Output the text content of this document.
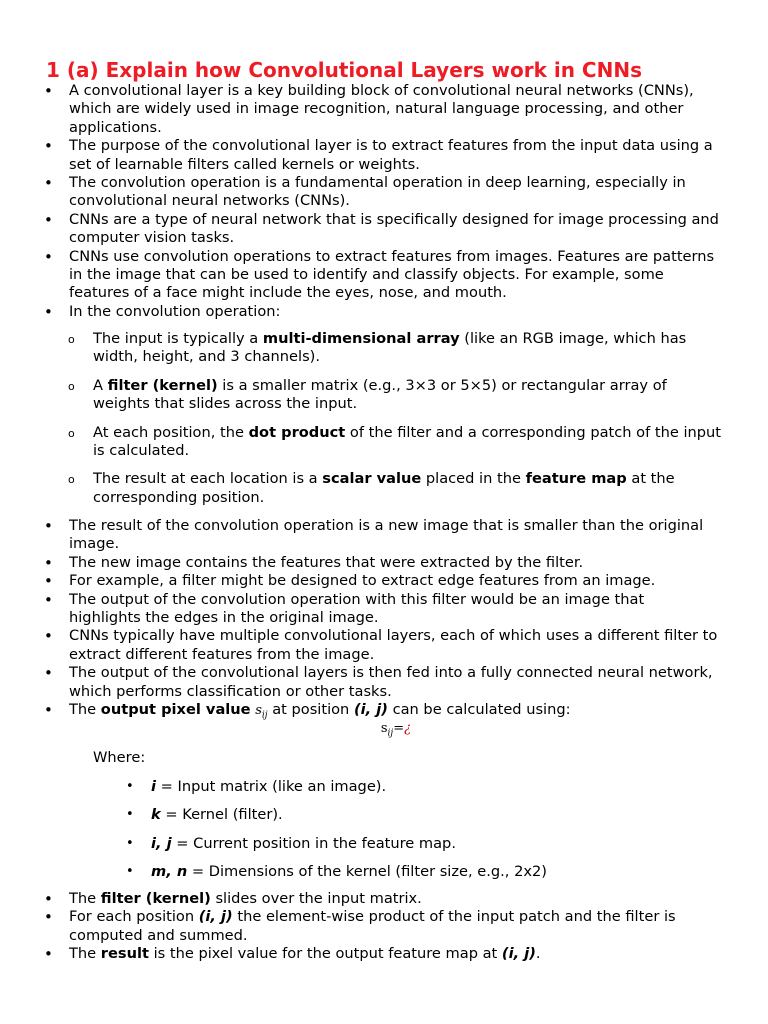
1 (a) Explain how Convolutional Layers work in CNNs
• A convolutional layer is a key building block of convolutional neural networks (CNNs), which are widely used in image recognition, natural language processing, and other applications.
• The purpose of the convolutional layer is to extract features from the input data using a set of learnable filters called kernels or weights.
• The convolution operation is a fundamental operation in deep learning, especially in convolutional neural networks (CNNs).
• CNNs are a type of neural network that is specifically designed for image processing and computer vision tasks.
• CNNs use convolution operations to extract features from images. Features are patterns in the image that can be used to identify and classify objects. For example, some features of a face might include the eyes, nose, and mouth.
• In the convolution operation:
o The input is typically a multi-dimensional array (like an RGB image, which has width, height, and 3 channels).
o A filter (kernel) is a smaller matrix (e.g., 3×3 or 5×5) or rectangular array of weights that slides across the input.
o At each position, the dot product of the filter and a corresponding patch of the input is calculated.
o The result at each location is a scalar value placed in the feature map at the corresponding position.
• The result of the convolution operation is a new image that is smaller than the original image.
• The new image contains the features that were extracted by the filter.
• For example, a filter might be designed to extract edge features from an image.
• The output of the convolution operation with this filter would be an image that highlights the edges in the original image.
• CNNs typically have multiple convolutional layers, each of which uses a different filter to extract different features from the image.
• The output of the convolutional layers is then fed into a fully connected neural network, which performs classification or other tasks.
• The output pixel value $s_{ij}$ at position (i, j) can be calculated using:
$s_{ij}=¿$
Where:
• i = Input matrix (like an image).
• k = Kernel (filter).
• i, j = Current position in the feature map.
• m, n = Dimensions of the kernel (filter size, e.g., 2x2)
• The filter (kernel) slides over the input matrix.
• For each position (i, j) the element-wise product of the input patch and the filter is computed and summed.
• The result is the pixel value for the output feature map at (i, j).
